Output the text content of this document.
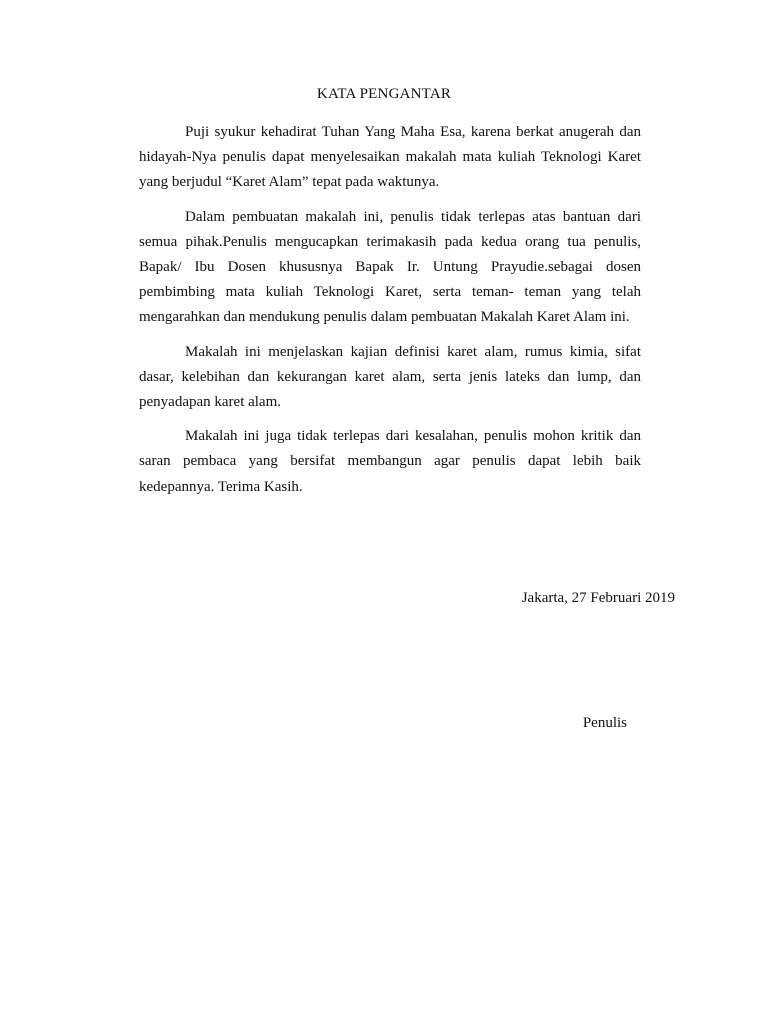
KATA PENGANTAR

Puji syukur kehadirat Tuhan Yang Maha Esa, karena berkat anugerah dan hidayah-Nya penulis dapat menyelesaikan makalah mata kuliah Teknologi Karet yang berjudul “Karet Alam” tepat pada waktunya.

Dalam pembuatan makalah ini, penulis tidak terlepas atas bantuan dari semua pihak.Penulis mengucapkan terimakasih pada kedua orang tua penulis, Bapak/ Ibu Dosen khususnya Bapak Ir. Untung Prayudie.sebagai dosen pembimbing mata kuliah Teknologi Karet, serta teman- teman yang telah mengarahkan dan mendukung penulis dalam pembuatan Makalah Karet Alam ini.

Makalah ini menjelaskan kajian definisi karet alam, rumus kimia, sifat dasar, kelebihan dan kekurangan karet alam, serta jenis lateks dan lump, dan penyadapan karet alam.

Makalah ini juga tidak terlepas dari kesalahan, penulis mohon kritik dan saran pembaca yang bersifat membangun agar penulis dapat lebih baik kedepannya. Terima Kasih.

Jakarta, 27 Februari 2019
Penulis
